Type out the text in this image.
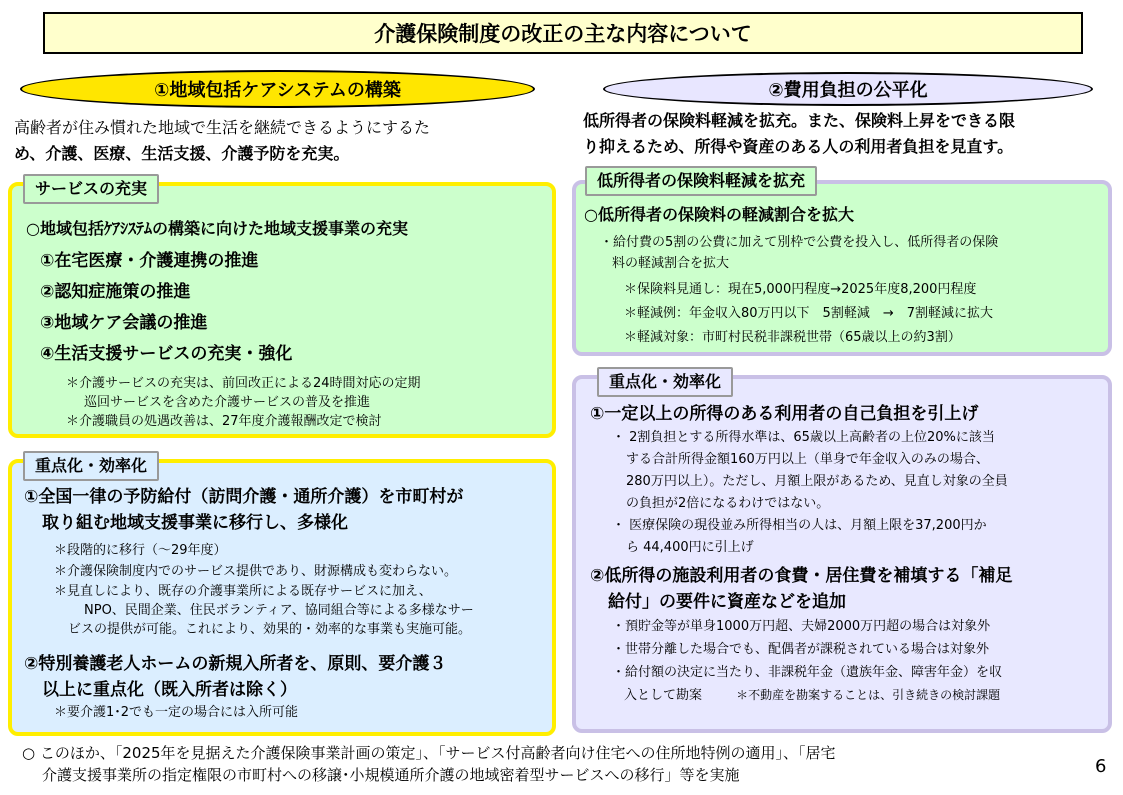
介護保険制度の改正の主な内容について
①地域包括ケアシステムの構築
高齢者が住み慣れた地域で生活を継続できるようにするた
め、介護、医療、生活支援、介護予防を充実。
サービスの充実
○地域包括ｹｱｼｽﾃﾑの構築に向けた地域支援事業の充実
①在宅医療・介護連携の推進
②認知症施策の推進
③地域ケア会議の推進
④生活支援サービスの充実・強化
＊介護サービスの充実は、前回改正による24時間対応の定期
巡回サービスを含めた介護サービスの普及を推進
＊介護職員の処遇改善は、27年度介護報酬改定で検討
重点化・効率化
①全国一律の予防給付（訪問介護・通所介護）を市町村が
取り組む地域支援事業に移行し、多様化
＊段階的に移行（～29年度）
＊介護保険制度内でのサービス提供であり、財源構成も変わらない。
＊見直しにより、既存の介護事業所による既存サービスに加え、
NPO、民間企業、住民ボランティア、協同組合等による多様なサー
ビスの提供が可能。これにより、効果的・効率的な事業も実施可能。
②特別養護老人ホームの新規入所者を、原則、要介護３
以上に重点化（既入所者は除く）
＊要介護1･2でも一定の場合には入所可能
②費用負担の公平化
低所得者の保険料軽減を拡充。また、保険料上昇をできる限
り抑えるため、所得や資産のある人の利用者負担を見直す。
低所得者の保険料軽減を拡充
○低所得者の保険料の軽減割合を拡大
・給付費の5割の公費に加えて別枠で公費を投入し、低所得者の保険
料の軽減割合を拡大
＊保険料見通し：現在5,000円程度→2025年度8,200円程度
＊軽減例：年金収入80万円以下　5割軽減　→　7割軽減に拡大
＊軽減対象：市町村民税非課税世帯（65歳以上の約3割）
重点化・効率化
①一定以上の所得のある利用者の自己負担を引上げ
・ 2割負担とする所得水準は、65歳以上高齢者の上位20%に該当
する合計所得金額160万円以上（単身で年金収入のみの場合、
280万円以上）。ただし、月額上限があるため、見直し対象の全員
の負担が2倍になるわけではない。
・ 医療保険の現役並み所得相当の人は、月額上限を37,200円か
ら 44,400円に引上げ
②低所得の施設利用者の食費・居住費を補填する「補足
給付」の要件に資産などを追加
・預貯金等が単身1000万円超、夫婦2000万円超の場合は対象外
・世帯分離した場合でも、配偶者が課税されている場合は対象外
・給付額の決定に当たり、非課税年金（遺族年金、障害年金）を収
入として勘案	＊不動産を勘案することは、引き続きの検討課題
○ このほか、「2025年を見据えた介護保険事業計画の策定」、「サービス付高齢者向け住宅への住所地特例の適用」、「居宅
介護支援事業所の指定権限の市町村への移譲･小規模通所介護の地域密着型サービスへの移行」等を実施	6
